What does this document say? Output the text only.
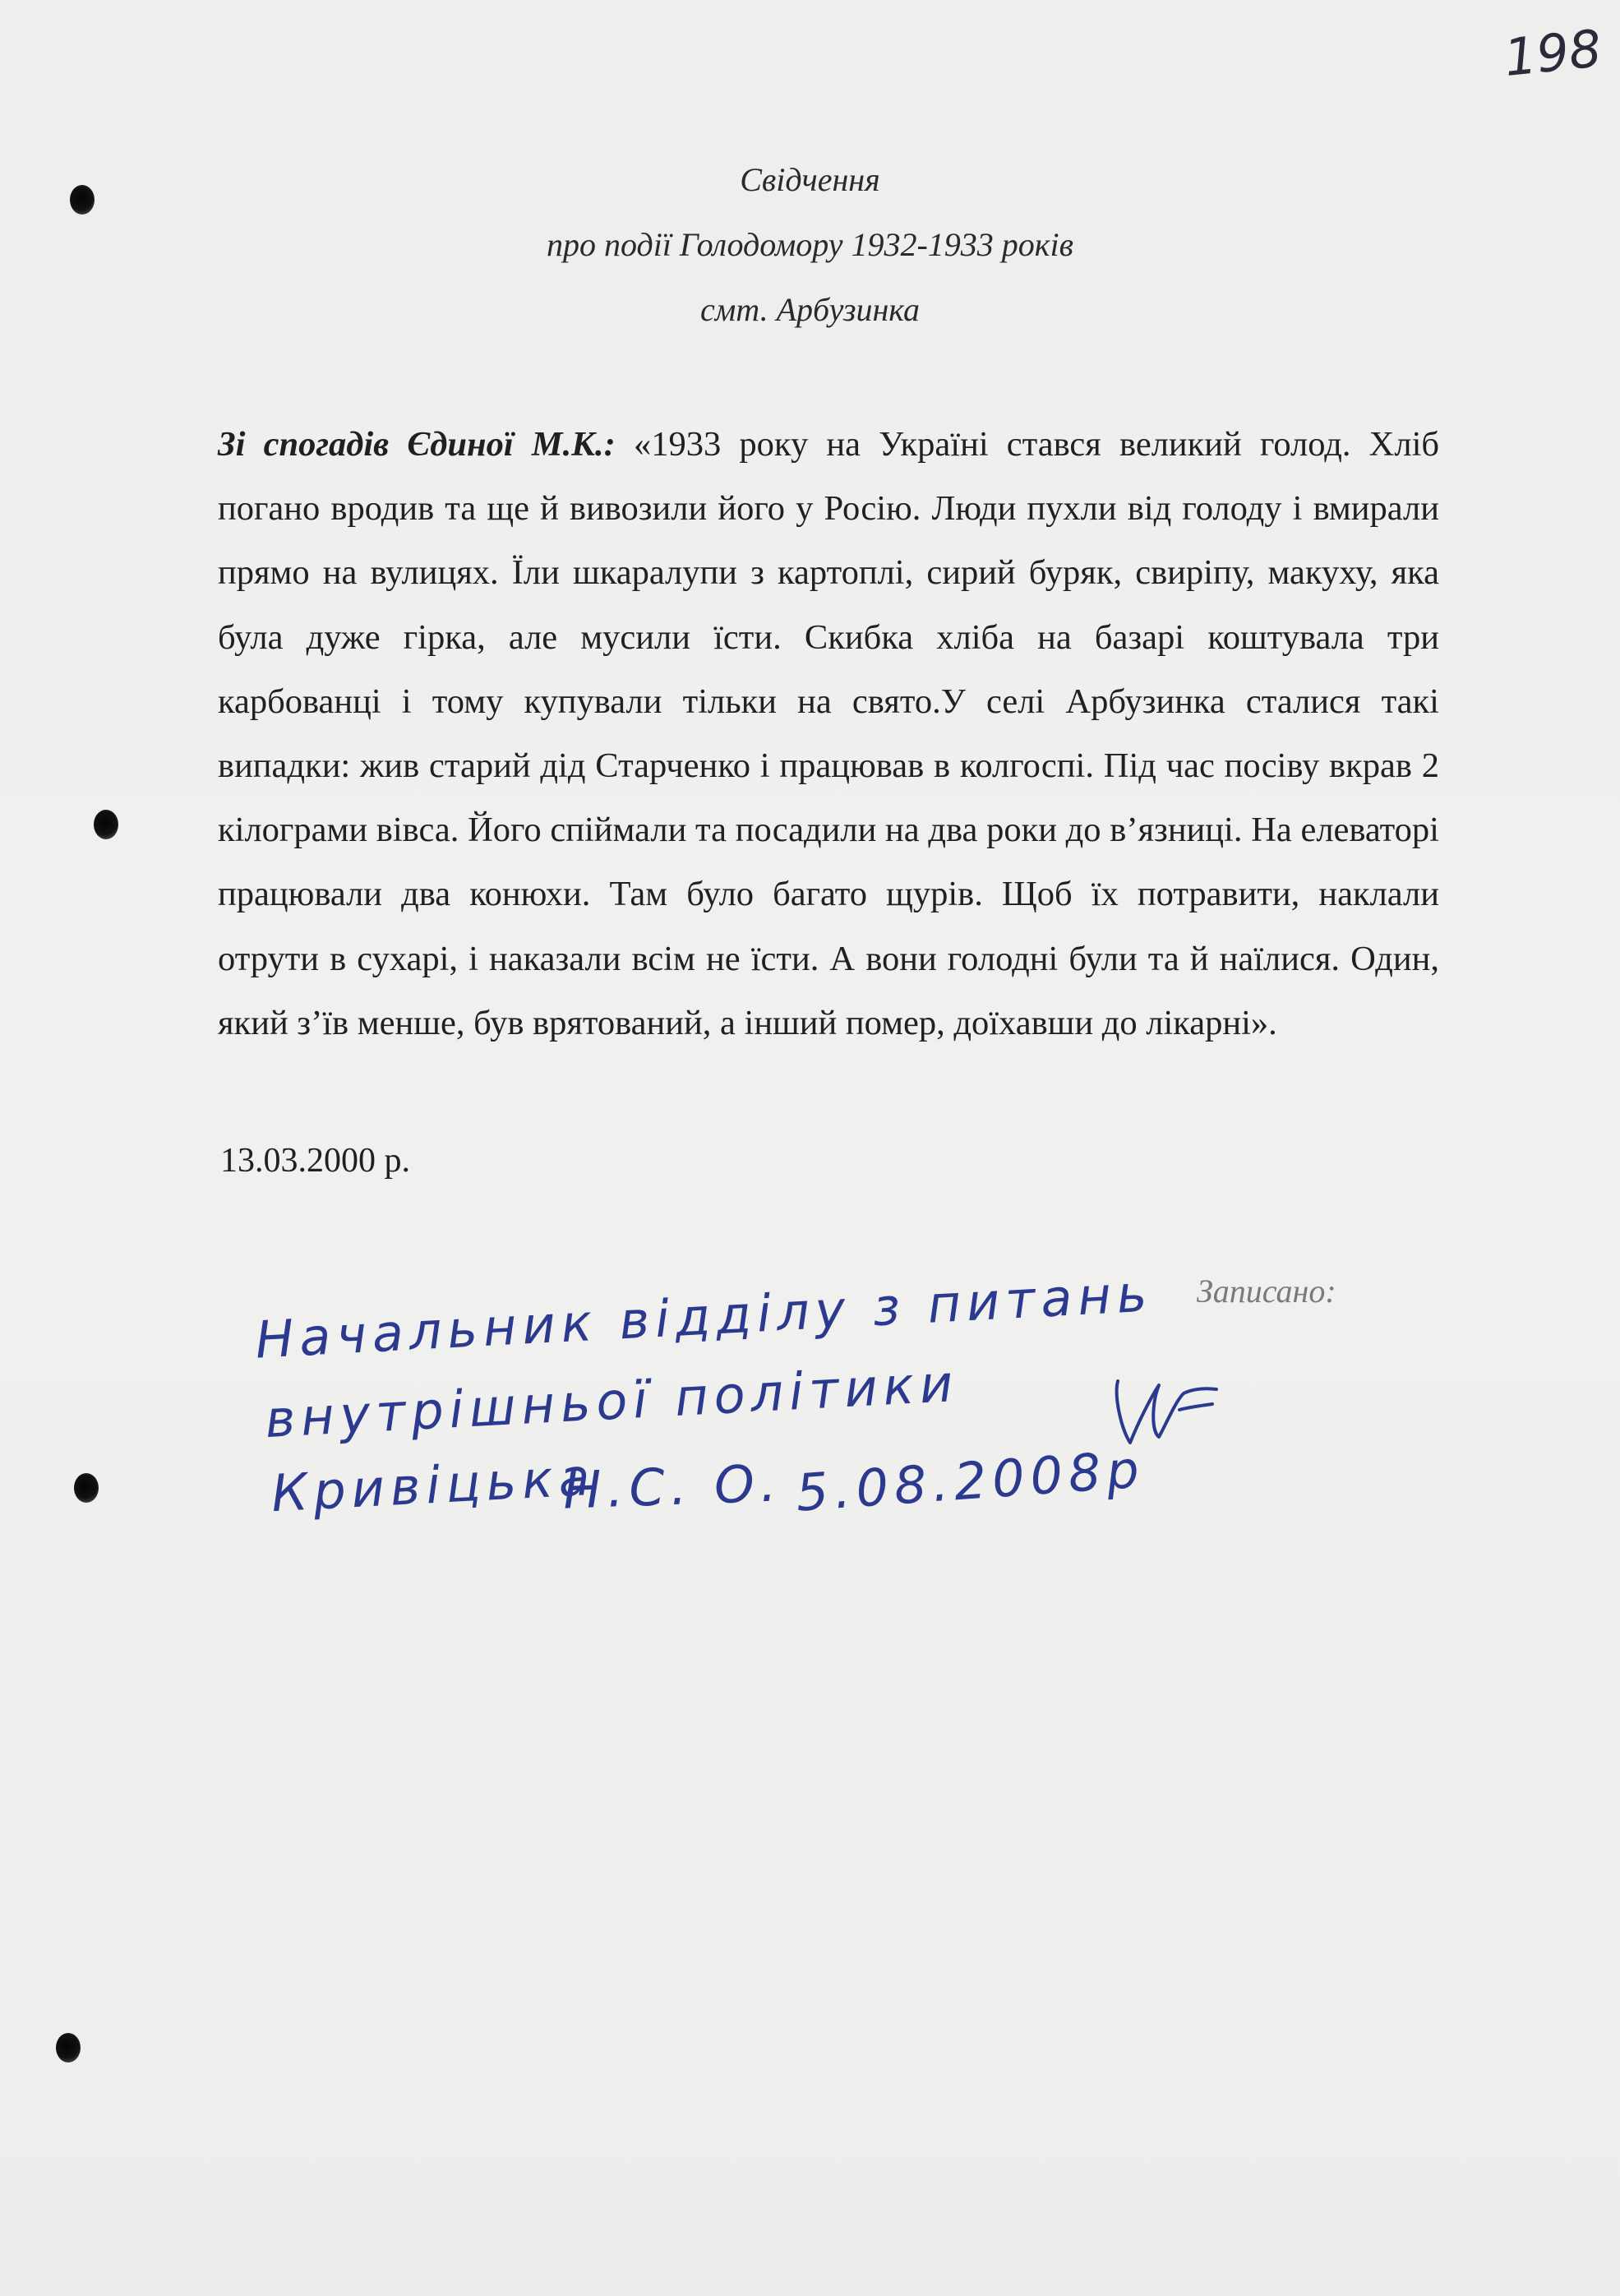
198
Свідчення
про події Голодомору 1932-1933 років
смт. Арбузинка
Зі спогадів Єдиної М.К.: «1933 року на Україні стався великий голод. Хліб погано вродив та ще й вивозили його у Росію. Люди пухли від голоду і вмирали прямо на вулицях. Їли шкаралупи з картоплі, сирий буряк, свиріпу, макуху, яка була дуже гірка, але мусили їсти. Скибка хліба на базарі коштувала три карбованці і тому купували тільки на свято.У селі Арбузинка сталися такі випадки: жив старий дід Старченко і працював в колгоспі. Під час посіву вкрав 2 кілограми вівса. Його спіймали та посадили на два роки до в’язниці. На елеваторі працювали два конюхи. Там було багато щурів. Щоб їх потравити, наклали отрути в сухарі, і наказали всім не їсти. А вони голодні були та й наїлися. Один, який з’їв менше, був врятований, а інший помер, доїхавши до лікарні».
13.03.2000 р.
Записано:
Начальник відділу з питань
внутрішньої політики
Кривіцька
Н.С. О. 5.08.2008р
